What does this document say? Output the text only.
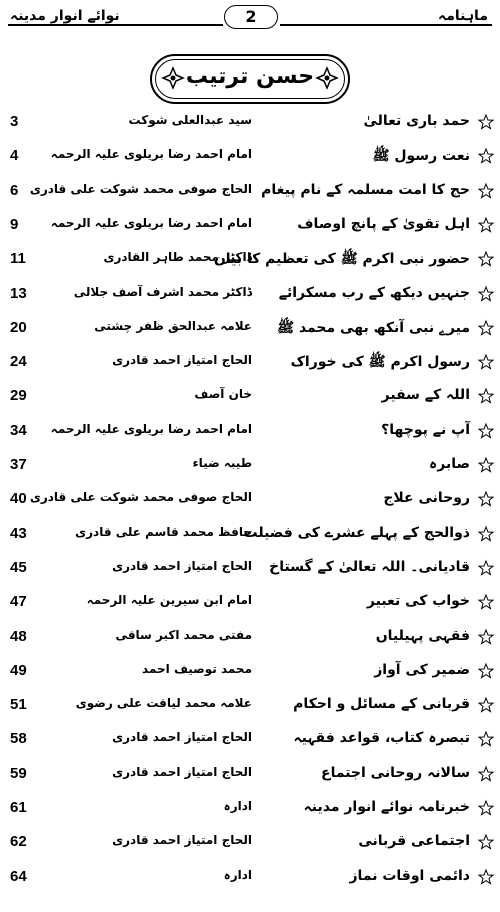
نوائے انوار مدینہ	2	ماہنامہ
حسن ترتیب
حمد باری تعالیٰ
سید عبدالعلی شوکت
3
نعت رسول ﷺ
امام احمد رضا بریلوی علیہ الرحمہ
4
حج کا امت مسلمہ کے نام پیغام
الحاج صوفی محمد شوکت علی قادری
6
اہل تقویٰ کے پانچ اوصاف
امام احمد رضا بریلوی علیہ الرحمہ
9
حضور نبی اکرم ﷺ کی تعظیم کا بیان
ڈاکٹر محمد طاہر القادری
11
جنہیں دیکھ کے رب مسکرائے
ڈاکٹر محمد اشرف آصف جلالی
13
میرے نبی آنکھ بھی محمد ﷺ
علامہ عبدالحق ظفر چشتی
20
رسول اکرم ﷺ کی خوراک
الحاج امتیاز احمد قادری
24
اللہ کے سفیر
خان آصف
29
آپ نے پوچھا؟
امام احمد رضا بریلوی علیہ الرحمہ
34
صابرہ
طیبہ ضیاء
37
روحانی علاج
الحاج صوفی محمد شوکت علی قادری
40
ذوالحج کے پہلے عشرے کی فضیلت
حافظ محمد قاسم علی قادری
43
قادیانی۔ اللہ تعالیٰ کے گستاخ
الحاج امتیاز احمد قادری
45
خواب کی تعبیر
امام ابن سیرین علیہ الرحمہ
47
فقہی پہیلیاں
مفتی محمد اکبر ساقی
48
ضمیر کی آواز
محمد توصیف احمد
49
قربانی کے مسائل و احکام
علامہ محمد لیاقت علی رضوی
51
تبصرہ کتاب، قواعد فقہیہ
الحاج امتیاز احمد قادری
58
سالانہ روحانی اجتماع
الحاج امتیاز احمد قادری
59
خبرنامہ نوائے انوار مدینہ
ادارہ
61
اجتماعی قربانی
الحاج امتیاز احمد قادری
62
دائمی اوقات نماز
ادارہ
64
